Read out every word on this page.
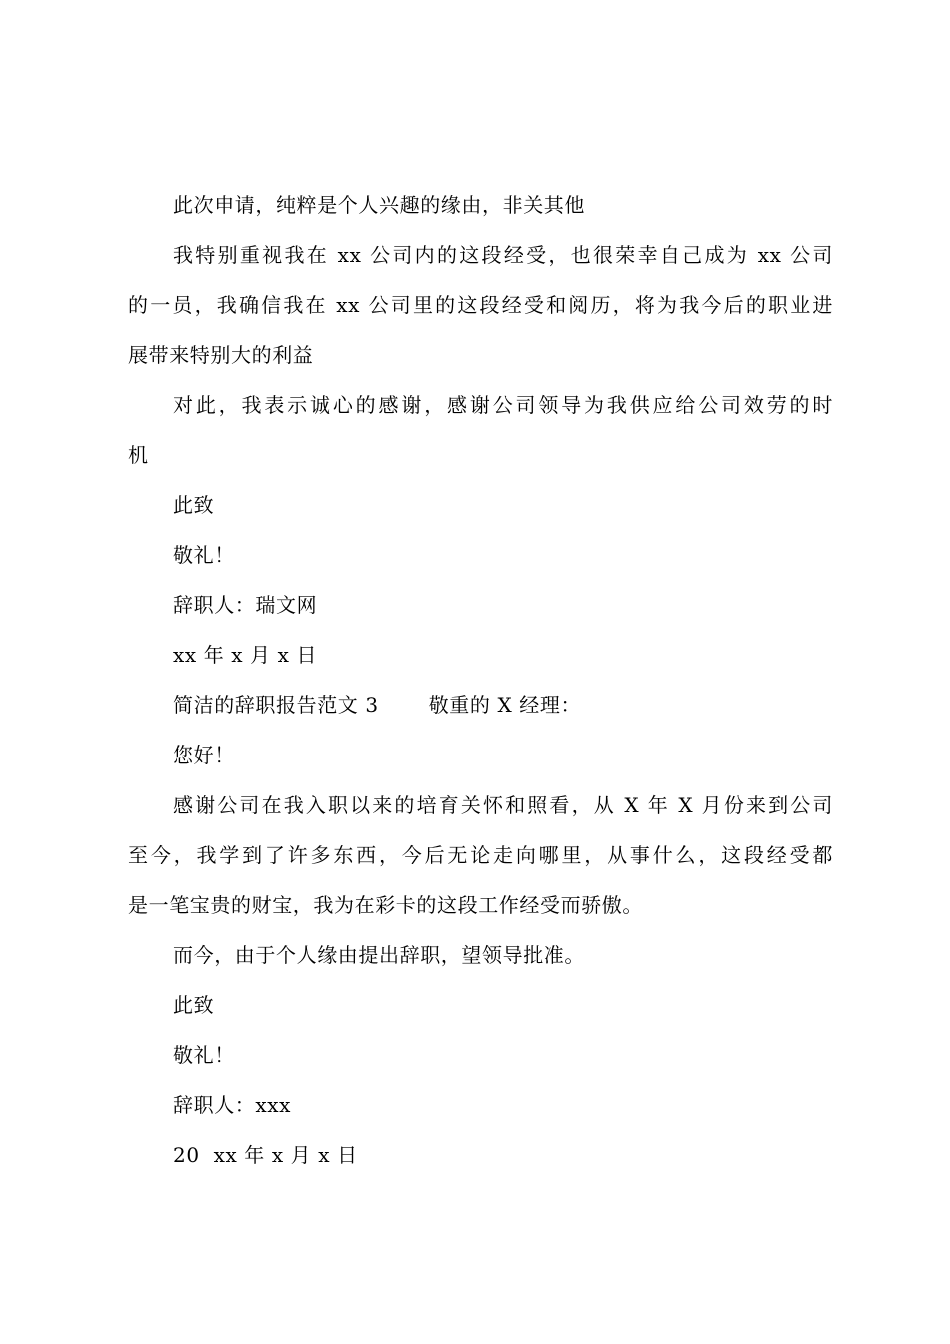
此次申请，纯粹是个人兴趣的缘由，非关其他
我特别重视我在 xx 公司内的这段经受，也很荣幸自己成为 xx 公司
的一员，我确信我在 xx 公司里的这段经受和阅历，将为我今后的职业进
展带来特别大的利益
对此，我表示诚心的感谢，感谢公司领导为我供应给公司效劳的时
机
此致
敬礼！
辞职人：瑞文网
xx 年 x 月 x 日
简洁的辞职报告范文 3	敬重的 X 经理：
您好！
感谢公司在我入职以来的培育关怀和照看，从 X 年 X 月份来到公司
至今，我学到了许多东西，今后无论走向哪里，从事什么，这段经受都
是一笔宝贵的财宝，我为在彩卡的这段工作经受而骄傲。
而今，由于个人缘由提出辞职，望领导批准。
此致
敬礼！
辞职人：xxx
20  xx 年 x 月 x 日
